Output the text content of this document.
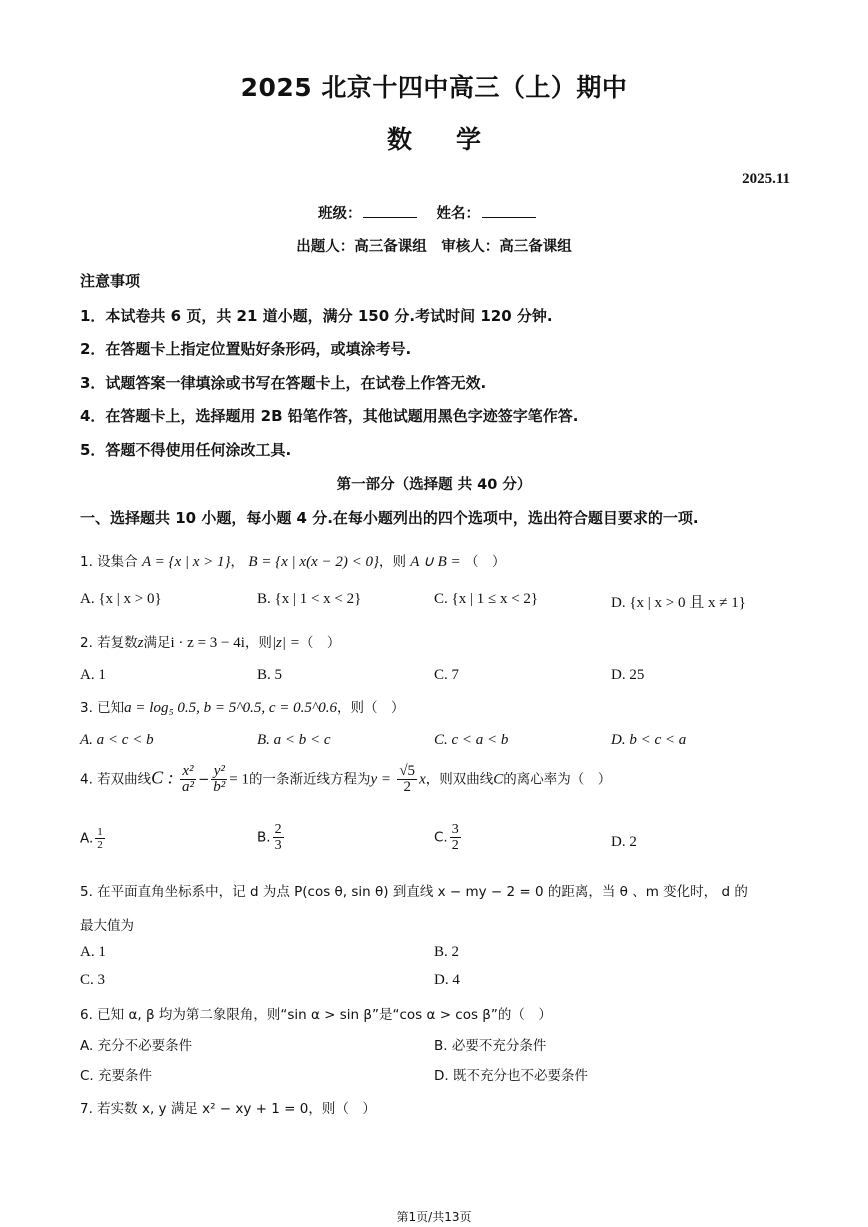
2025 北京十四中高三（上）期中
数学
2025.11
班级：	姓名：
出题人：高三备课组　审核人：高三备课组
注意事项
1．本试卷共 6 页，共 21 道小题，满分 150 分.考试时间 120 分钟.
2．在答题卡上指定位置贴好条形码，或填涂考号.
3．试题答案一律填涂或书写在答题卡上，在试卷上作答无效.
4．在答题卡上，选择题用 2B 铅笔作答，其他试题用黑色字迹签字笔作答.
5．答题不得使用任何涂改工具.
第一部分（选择题 共 40 分）
一、选择题共 10 小题，每小题 4 分.在每小题列出的四个选项中，选出符合题目要求的一项.
1. 设集合 A = {x | x > 1}， B = {x | x(x − 2) < 0}，则 A ∪ B = （　）
A. {x | x > 0}	B. {x | 1 < x < 2}	C. {x | 1 ≤ x < 2}	D. {x | x > 0 且 x ≠ 1}
2. 若复数z满足i · z = 3 − 4i，则|z| =（　）
A. 1	B. 5	C. 7	D. 25
3. 已知a = log₅ 0.5, b = 5^0.5, c = 0.5^0.6，则（　）
A. a < c < b	B. a < b < c	C. c < a < b	D. b < c < a
4. 若双曲线C : $\frac{\text{x²}}{\text{a²}} - \frac{\text{y²}}{\text{b²}} = 1$的一条渐近线方程为$y = \frac{√5}{2}$ x，则双曲线C的离心率为（　）
A. $\frac{1}{2}$	B. $\frac{2}{3}$	C. $\frac{3}{2}$	D. 2
5. 在平面直角坐标系中，记 d 为点 P(cos θ, sin θ) 到直线 x − my − 2 = 0 的距离，当 θ 、m 变化时， d 的
最大值为
A. 1	B. 2
C. 3	D. 4
6. 已知 α, β 均为第二象限角，则“sin α > sin β”是“cos α > cos β”的（　）
A. 充分不必要条件	B. 必要不充分条件
C. 充要条件	D. 既不充分也不必要条件
7. 若实数 x, y 满足 x² − xy + 1 = 0，则（　）
第1页/共13页
